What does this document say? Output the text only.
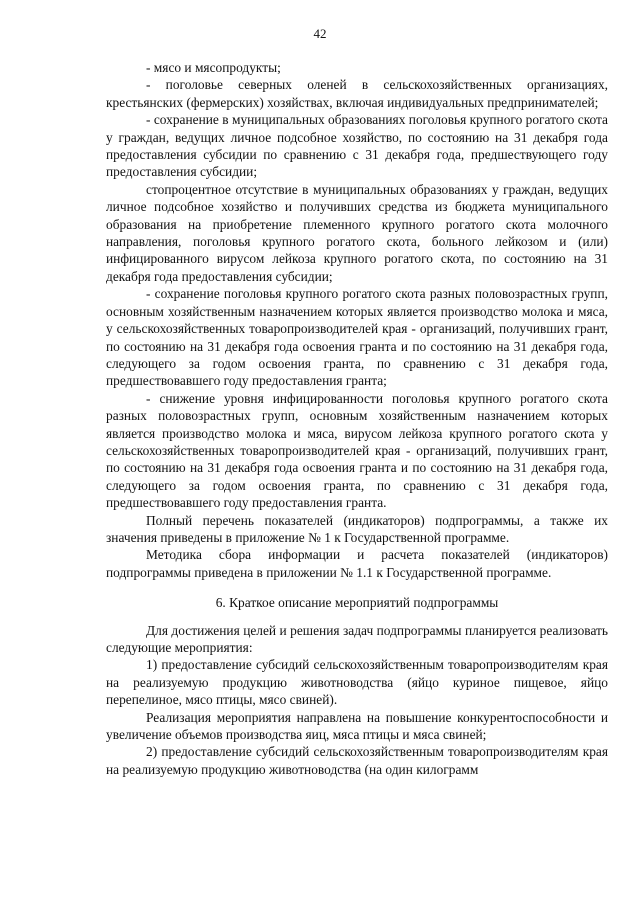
42

- мясо и мясопродукты;

- поголовье северных оленей в сельскохозяйственных организациях, крестьянских (фермерских) хозяйствах, включая индивидуальных предпринимателей;

- сохранение в муниципальных образованиях поголовья крупного рогатого скота у граждан, ведущих личное подсобное хозяйство, по состоянию на 31 декабря года предоставления субсидии по сравнению с 31 декабря года, предшествующего году предоставления субсидии;

стопроцентное отсутствие в муниципальных образованиях у граждан, ведущих личное подсобное хозяйство и получивших средства из бюджета муниципального образования на приобретение племенного крупного рогатого скота молочного направления, поголовья крупного рогатого скота, больного лейкозом и (или) инфицированного вирусом лейкоза крупного рогатого скота, по состоянию на 31 декабря года предоставления субсидии;

- сохранение поголовья крупного рогатого скота разных половозрастных групп, основным хозяйственным назначением которых является производство молока и мяса, у сельскохозяйственных товаропроизводителей края - организаций, получивших грант, по состоянию на 31 декабря года освоения гранта и по состоянию на 31 декабря года, следующего за годом освоения гранта, по сравнению с 31 декабря года, предшествовавшего году предоставления гранта;

- снижение уровня инфицированности поголовья крупного рогатого скота разных половозрастных групп, основным хозяйственным назначением которых является производство молока и мяса, вирусом лейкоза крупного рогатого скота у сельскохозяйственных товаропроизводителей края - организаций, получивших грант, по состоянию на 31 декабря года освоения гранта и по состоянию на 31 декабря года, следующего за годом освоения гранта, по сравнению с 31 декабря года, предшествовавшего году предоставления гранта.

Полный перечень показателей (индикаторов) подпрограммы, а также их значения приведены в приложение № 1 к Государственной программе.

Методика сбора информации и расчета показателей (индикаторов) подпрограммы приведена в приложении № 1.1 к Государственной программе.

6. Краткое описание мероприятий подпрограммы

Для достижения целей и решения задач подпрограммы планируется реализовать следующие мероприятия:

1) предоставление субсидий сельскохозяйственным товаропроизводителям края на реализуемую продукцию животноводства (яйцо куриное пищевое, яйцо перепелиное, мясо птицы, мясо свиней).

Реализация мероприятия направлена на повышение конкурентоспособности и увеличение объемов производства яиц, мяса птицы и мяса свиней;

2) предоставление субсидий сельскохозяйственным товаропроизводителям края на реализуемую продукцию животноводства (на один килограмм
